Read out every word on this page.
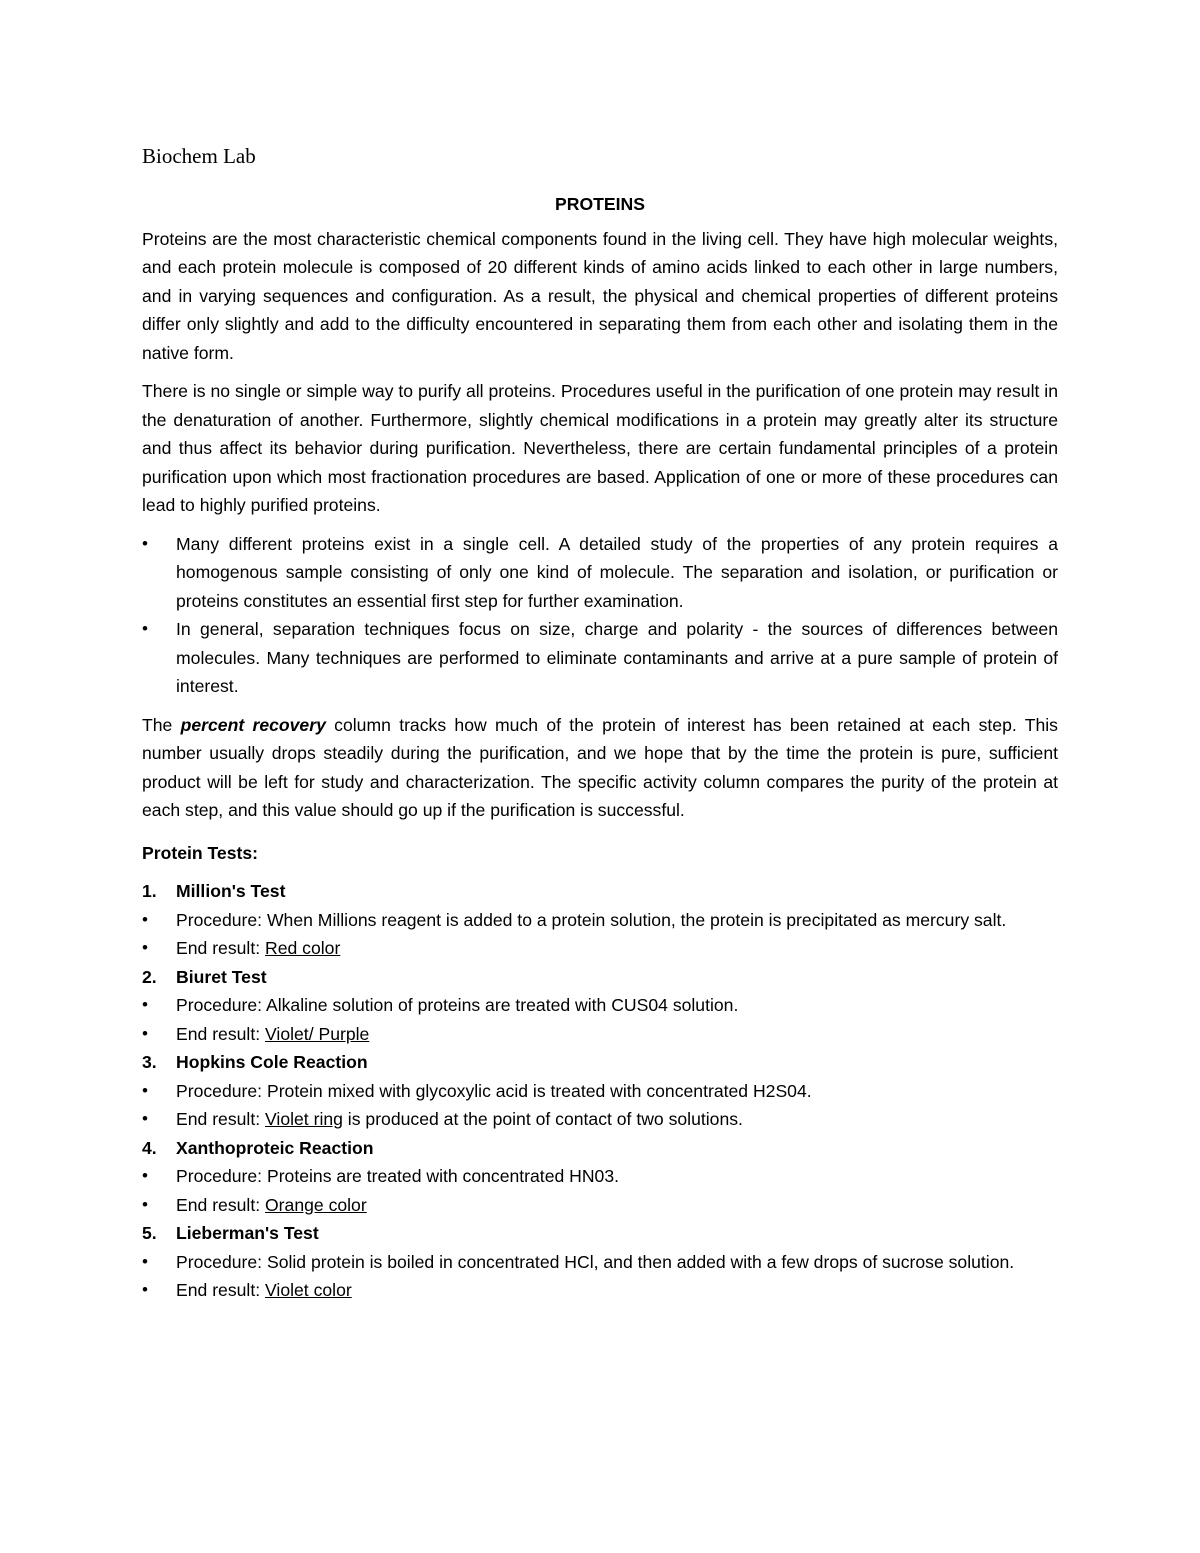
Biochem Lab
PROTEINS

Proteins are the most characteristic chemical components found in the living cell. They have high molecular weights, and each protein molecule is composed of 20 different kinds of amino acids linked to each other in large numbers, and in varying sequences and configuration. As a result, the physical and chemical properties of different proteins differ only slightly and add to the difficulty encountered in separating them from each other and isolating them in the native form.

There is no single or simple way to purify all proteins. Procedures useful in the purification of one protein may result in the denaturation of another. Furthermore, slightly chemical modifications in a protein may greatly alter its structure and thus affect its behavior during purification. Nevertheless, there are certain fundamental principles of a protein purification upon which most fractionation procedures are based. Application of one or more of these procedures can lead to highly purified proteins.

• Many different proteins exist in a single cell. A detailed study of the properties of any protein requires a homogenous sample consisting of only one kind of molecule. The separation and isolation, or purification or proteins constitutes an essential first step for further examination.
• In general, separation techniques focus on size, charge and polarity - the sources of differences between molecules. Many techniques are performed to eliminate contaminants and arrive at a pure sample of protein of interest.

The percent recovery column tracks how much of the protein of interest has been retained at each step. This number usually drops steadily during the purification, and we hope that by the time the protein is pure, sufficient product will be left for study and characterization. The specific activity column compares the purity of the protein at each step, and this value should go up if the purification is successful.

Protein Tests:
1. Million's Test
• Procedure: When Millions reagent is added to a protein solution, the protein is precipitated as mercury salt.
• End result: Red color
2. Biuret Test
• Procedure: Alkaline solution of proteins are treated with CUS04 solution.
• End result: Violet/ Purple
3. Hopkins Cole Reaction
• Procedure: Protein mixed with glycoxylic acid is treated with concentrated H2S04.
• End result: Violet ring is produced at the point of contact of two solutions.
4. Xanthoproteic Reaction
• Procedure: Proteins are treated with concentrated HN03.
• End result: Orange color
5. Lieberman's Test
• Procedure: Solid protein is boiled in concentrated HCl, and then added with a few drops of sucrose solution.
• End result: Violet color
